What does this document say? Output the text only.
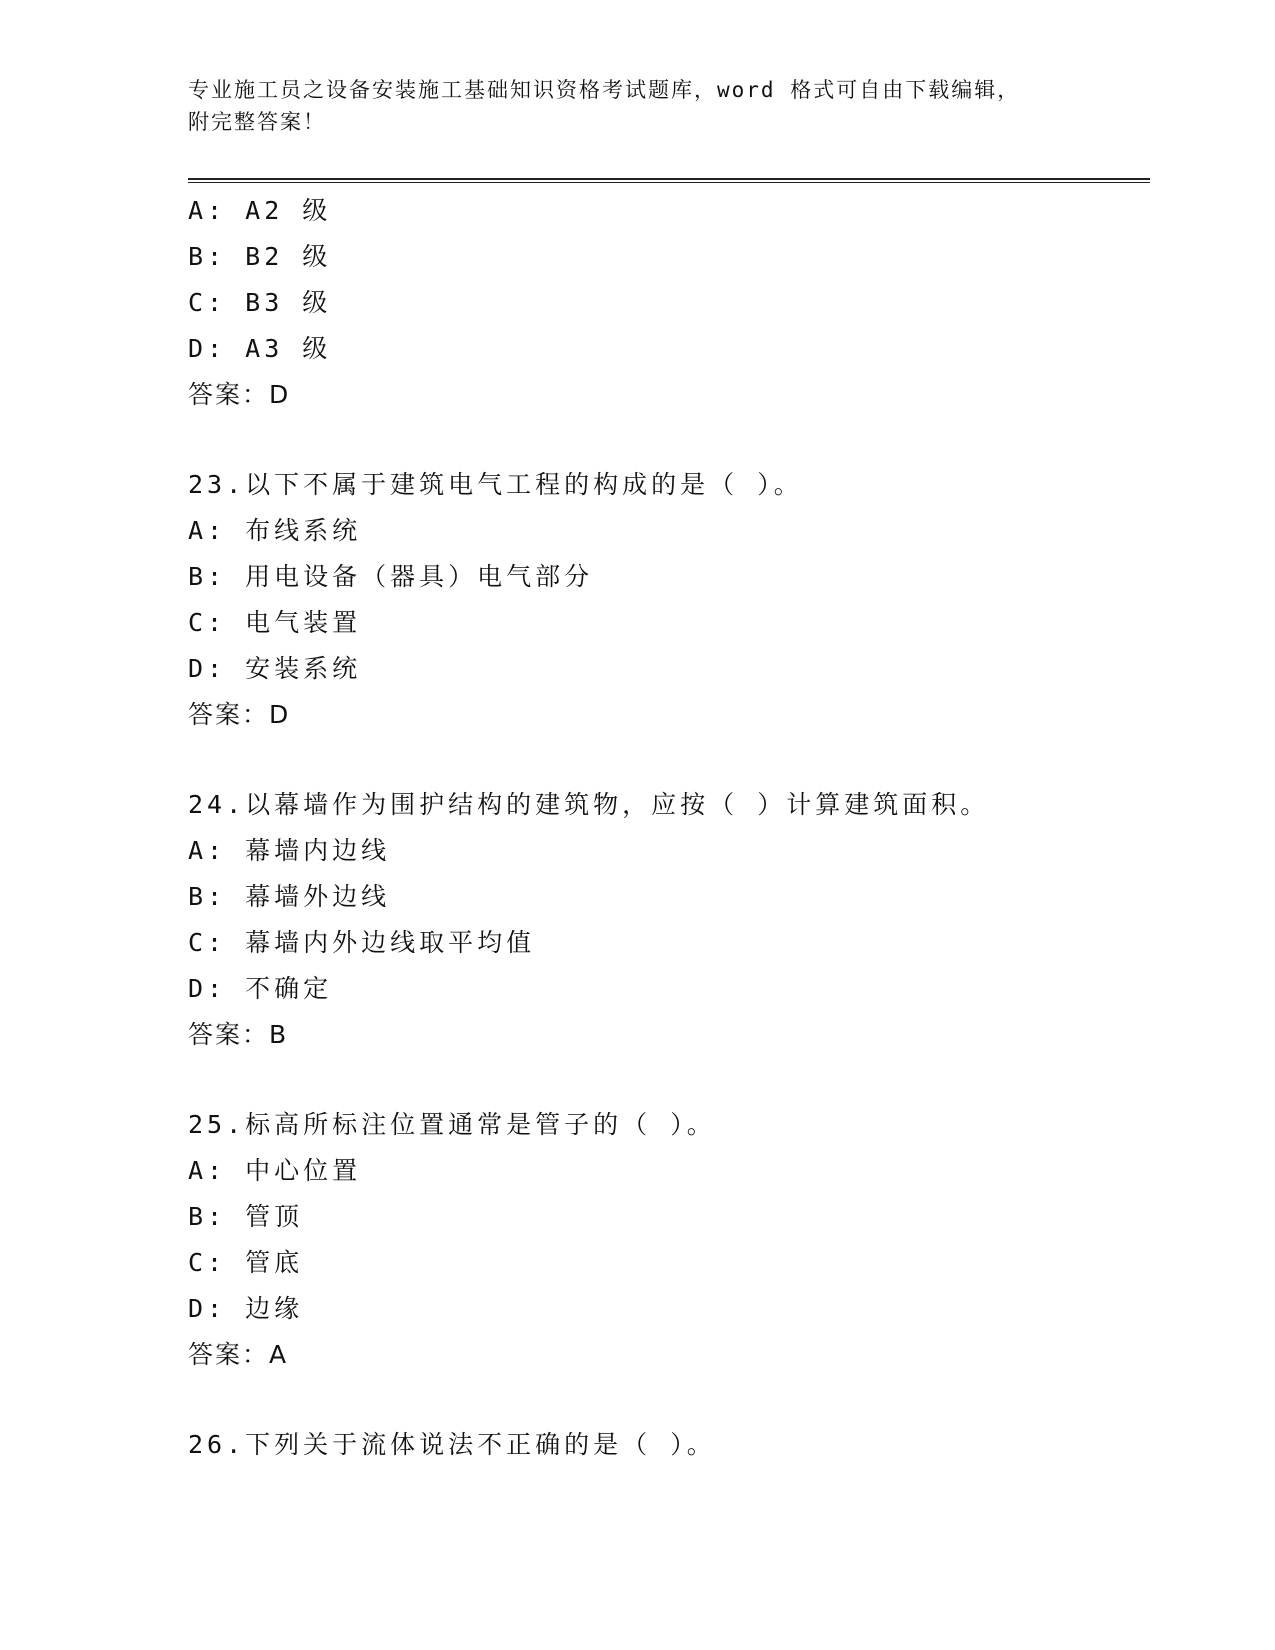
专业施工员之设备安装施工基础知识资格考试题库，word 格式可自由下载编辑，
附完整答案！
A: A2 级
B: B2 级
C: B3 级
D: A3 级
答案：D
23.以下不属于建筑电气工程的构成的是（ ）。
A: 布线系统
B: 用电设备（器具）电气部分
C: 电气装置
D: 安装系统
答案：D
24.以幕墙作为围护结构的建筑物，应按（ ）计算建筑面积。
A: 幕墙内边线
B: 幕墙外边线
C: 幕墙内外边线取平均值
D: 不确定
答案：B
25.标高所标注位置通常是管子的（ ）。
A: 中心位置
B: 管顶
C: 管底
D: 边缘
答案：A
26.下列关于流体说法不正确的是（ ）。
